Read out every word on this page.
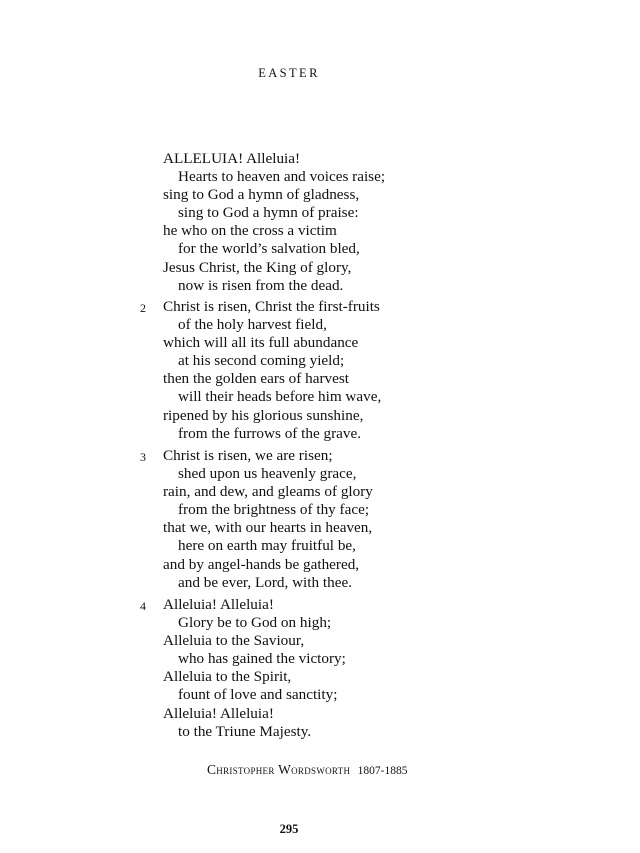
EASTER
ALLELUIA! Alleluia!
Hearts to heaven and voices raise;
sing to God a hymn of gladness,
sing to God a hymn of praise:
he who on the cross a victim
for the world’s salvation bled,
Jesus Christ, the King of glory,
now is risen from the dead.
2 Christ is risen, Christ the first-fruits
of the holy harvest field,
which will all its full abundance
at his second coming yield;
then the golden ears of harvest
will their heads before him wave,
ripened by his glorious sunshine,
from the furrows of the grave.
3 Christ is risen, we are risen;
shed upon us heavenly grace,
rain, and dew, and gleams of glory
from the brightness of thy face;
that we, with our hearts in heaven,
here on earth may fruitful be,
and by angel-hands be gathered,
and be ever, Lord, with thee.
4 Alleluia! Alleluia!
Glory be to God on high;
Alleluia to the Saviour,
who has gained the victory;
Alleluia to the Spirit,
fount of love and sanctity;
Alleluia! Alleluia!
to the Triune Majesty.
Christopher Wordsworth 1807-1885
295
